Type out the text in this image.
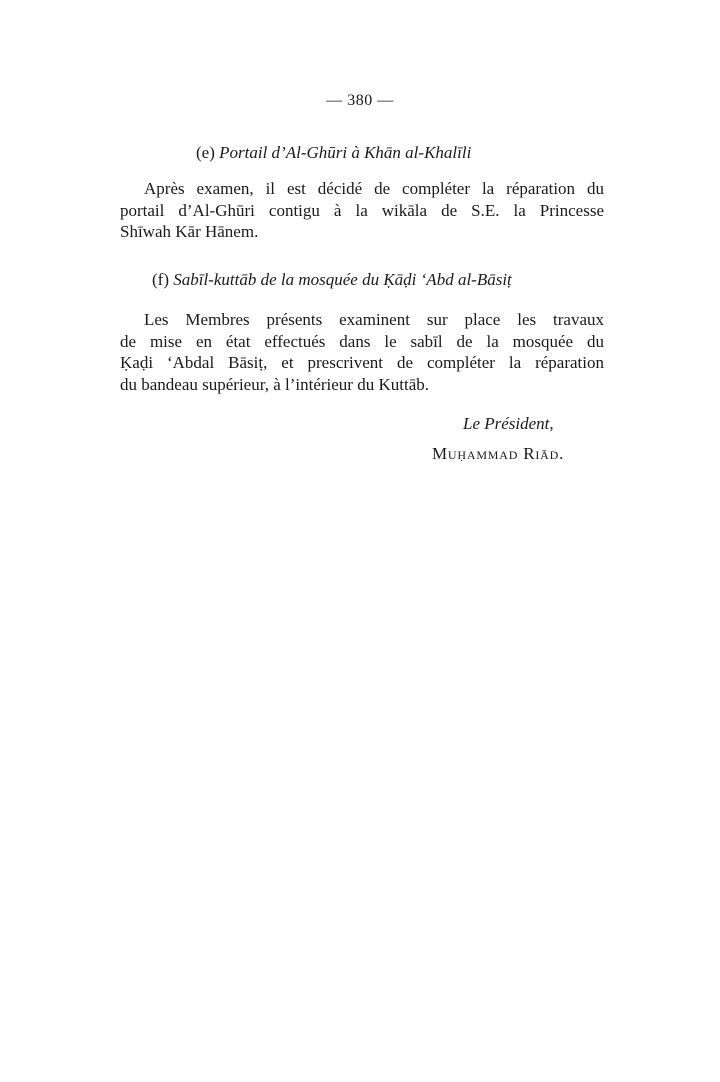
— 380 —
(e) Portail d’Al-Ghūri à Khān al-Khalīli

Après examen, il est décidé de compléter la réparation du
portail d’Al-Ghūri contigu à la wikāla de S.E. la Princesse
Shīwah Kār Hānem.

(f) Sabīl-kuttāb de la mosquée du Ḳāḍi ‘Abd al-Bāsiṭ

Les Membres présents examinent sur place les travaux
de mise en état effectués dans le sabīl de la mosquée du
Ḳaḍi ‘Abdal Bāsiṭ, et prescrivent de compléter la réparation
du bandeau supérieur, à l’intérieur du Kuttāb.

Le Président,
Muḥammad Riād.
